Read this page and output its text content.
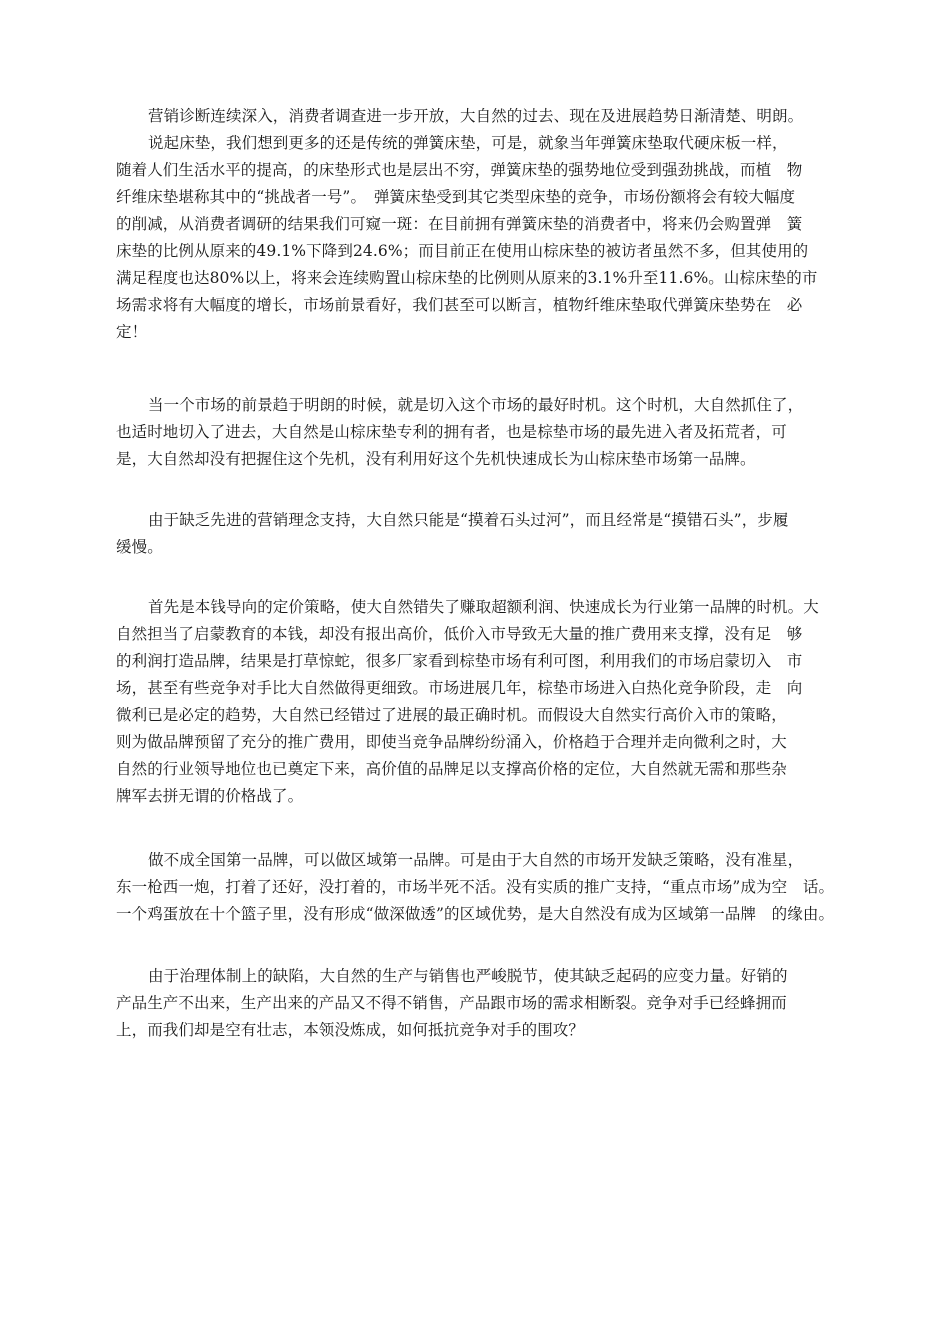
营销诊断连续深入，消费者调查进一步开放，大自然的过去、现在及进展趋势日渐清楚、明朗。
说起床垫，我们想到更多的还是传统的弹簧床垫，可是，就象当年弹簧床垫取代硬床板一样，
随着人们生活水平的提高，的床垫形式也是层出不穷，弹簧床垫的强势地位受到强劲挑战，而植　物
纤维床垫堪称其中的“挑战者一号”。　弹簧床垫受到其它类型床垫的竞争，市场份额将会有较大幅度
的削减，从消费者调研的结果我们可窥一斑：在目前拥有弹簧床垫的消费者中，将来仍会购置弹　簧
床垫的比例从原来的49.1%下降到24.6%；而目前正在使用山棕床垫的被访者虽然不多，但其使用的
满足程度也达80%以上，将来会连续购置山棕床垫的比例则从原来的3.1%升至11.6%。山棕床垫的市
场需求将有大幅度的增长，市场前景看好，我们甚至可以断言，植物纤维床垫取代弹簧床垫势在　必
定！
当一个市场的前景趋于明朗的时候，就是切入这个市场的最好时机。这个时机，大自然抓住了，
也适时地切入了进去，大自然是山棕床垫专利的拥有者，也是棕垫市场的最先进入者及拓荒者，可
是，大自然却没有把握住这个先机，没有利用好这个先机快速成长为山棕床垫市场第一品牌。
由于缺乏先进的营销理念支持，大自然只能是“摸着石头过河”，而且经常是“摸错石头”，步履
缓慢。
首先是本钱导向的定价策略，使大自然错失了赚取超额利润、快速成长为行业第一品牌的时机。大
自然担当了启蒙教育的本钱，却没有报出高价，低价入市导致无大量的推广费用来支撑，没有足　够
的利润打造品牌，结果是打草惊蛇，很多厂家看到棕垫市场有利可图，利用我们的市场启蒙切入　市
场，甚至有些竞争对手比大自然做得更细致。市场进展几年，棕垫市场进入白热化竞争阶段，走　向
微利已是必定的趋势，大自然已经错过了进展的最正确时机。而假设大自然实行高价入市的策略，
则为做品牌预留了充分的推广费用，即使当竞争品牌纷纷涌入，价格趋于合理并走向微利之时，大
自然的行业领导地位也已奠定下来，高价值的品牌足以支撑高价格的定位，大自然就无需和那些杂
牌军去拼无谓的价格战了。
做不成全国第一品牌，可以做区域第一品牌。可是由于大自然的市场开发缺乏策略，没有准星，
东一枪西一炮，打着了还好，没打着的，市场半死不活。没有实质的推广支持，“重点市场”成为空　话。
一个鸡蛋放在十个篮子里，没有形成“做深做透”的区域优势，是大自然没有成为区域第一品牌　的缘由。
由于治理体制上的缺陷，大自然的生产与销售也严峻脱节，使其缺乏起码的应变力量。好销的
产品生产不出来，生产出来的产品又不得不销售，产品跟市场的需求相断裂。竞争对手已经蜂拥而
上，而我们却是空有壮志，本领没炼成，如何抵抗竞争对手的围攻？
